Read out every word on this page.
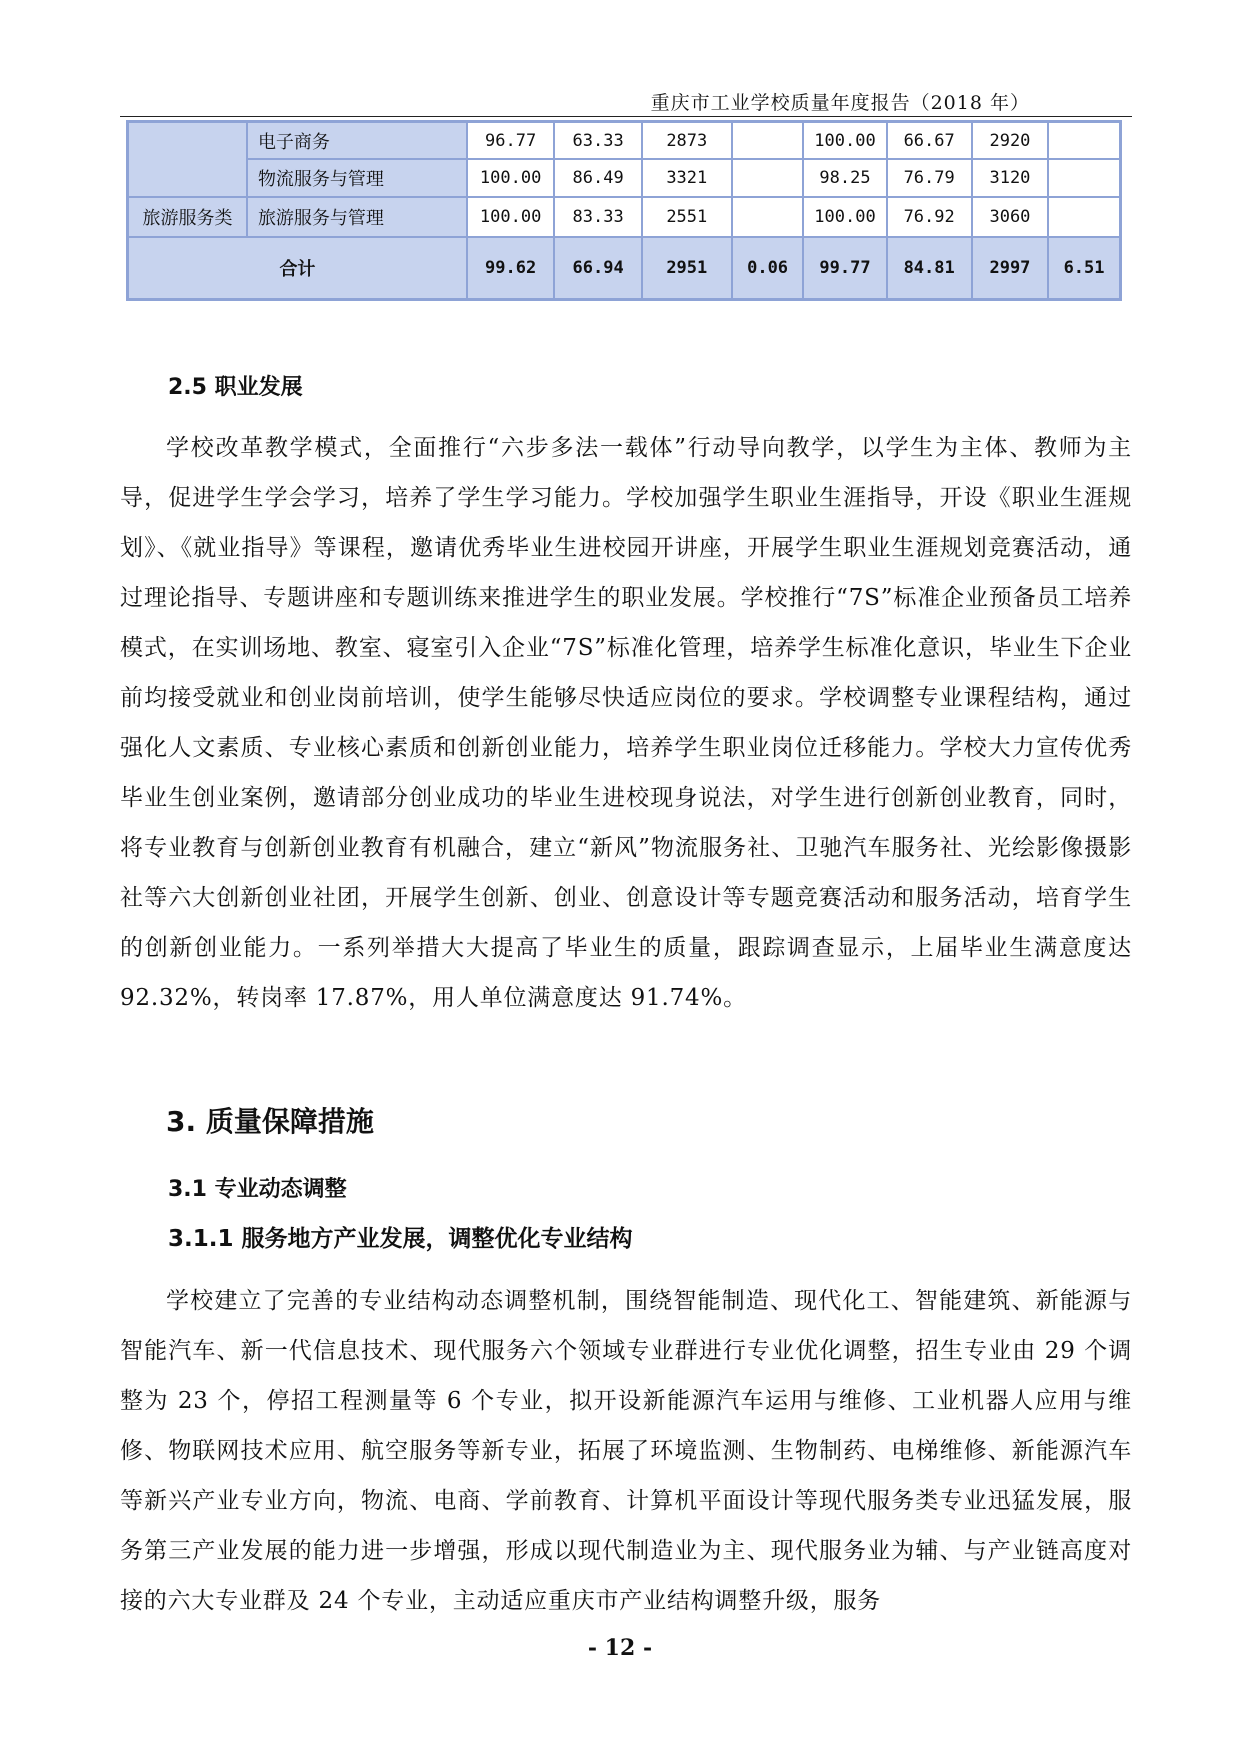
重庆市工业学校质量年度报告（2018 年）
	电子商务	96.77	63.33	2873		100.00	66.67	2920	
	物流服务与管理	100.00	86.49	3321		98.25	76.79	3120	
旅游服务类	旅游服务与管理	100.00	83.33	2551		100.00	76.92	3060	
合计		99.62	66.94	2951	0.06	99.77	84.81	2997	6.51
2.5 职业发展

学校改革教学模式，全面推行“六步多法一载体”行动导向教学，以学生为主体、教师为主导，促进学生学会学习，培养了学生学习能力。学校加强学生职业生涯指导，开设《职业生涯规划》、《就业指导》等课程，邀请优秀毕业生进校园开讲座，开展学生职业生涯规划竞赛活动，通过理论指导、专题讲座和专题训练来推进学生的职业发展。学校推行“7S”标准企业预备员工培养模式，在实训场地、教室、寝室引入企业“7S”标准化管理，培养学生标准化意识，毕业生下企业前均接受就业和创业岗前培训，使学生能够尽快适应岗位的要求。学校调整专业课程结构，通过强化人文素质、专业核心素质和创新创业能力，培养学生职业岗位迁移能力。学校大力宣传优秀毕业生创业案例，邀请部分创业成功的毕业生进校现身说法，对学生进行创新创业教育，同时，将专业教育与创新创业教育有机融合，建立“新风”物流服务社、卫驰汽车服务社、光绘影像摄影社等六大创新创业社团，开展学生创新、创业、创意设计等专题竞赛活动和服务活动，培育学生的创新创业能力。一系列举措大大提高了毕业生的质量，跟踪调查显示，上届毕业生满意度达 92.32%，转岗率 17.87%，用人单位满意度达 91.74%。

3. 质量保障措施
3.1 专业动态调整
3.1.1 服务地方产业发展，调整优化专业结构

学校建立了完善的专业结构动态调整机制，围绕智能制造、现代化工、智能建筑、新能源与智能汽车、新一代信息技术、现代服务六个领域专业群进行专业优化调整，招生专业由 29 个调整为 23 个，停招工程测量等 6 个专业，拟开设新能源汽车运用与维修、工业机器人应用与维修、物联网技术应用、航空服务等新专业，拓展了环境监测、生物制药、电梯维修、新能源汽车等新兴产业专业方向，物流、电商、学前教育、计算机平面设计等现代服务类专业迅猛发展，服务第三产业发展的能力进一步增强，形成以现代制造业为主、现代服务业为辅、与产业链高度对接的六大专业群及 24 个专业，主动适应重庆市产业结构调整升级，服务

- 12 -
